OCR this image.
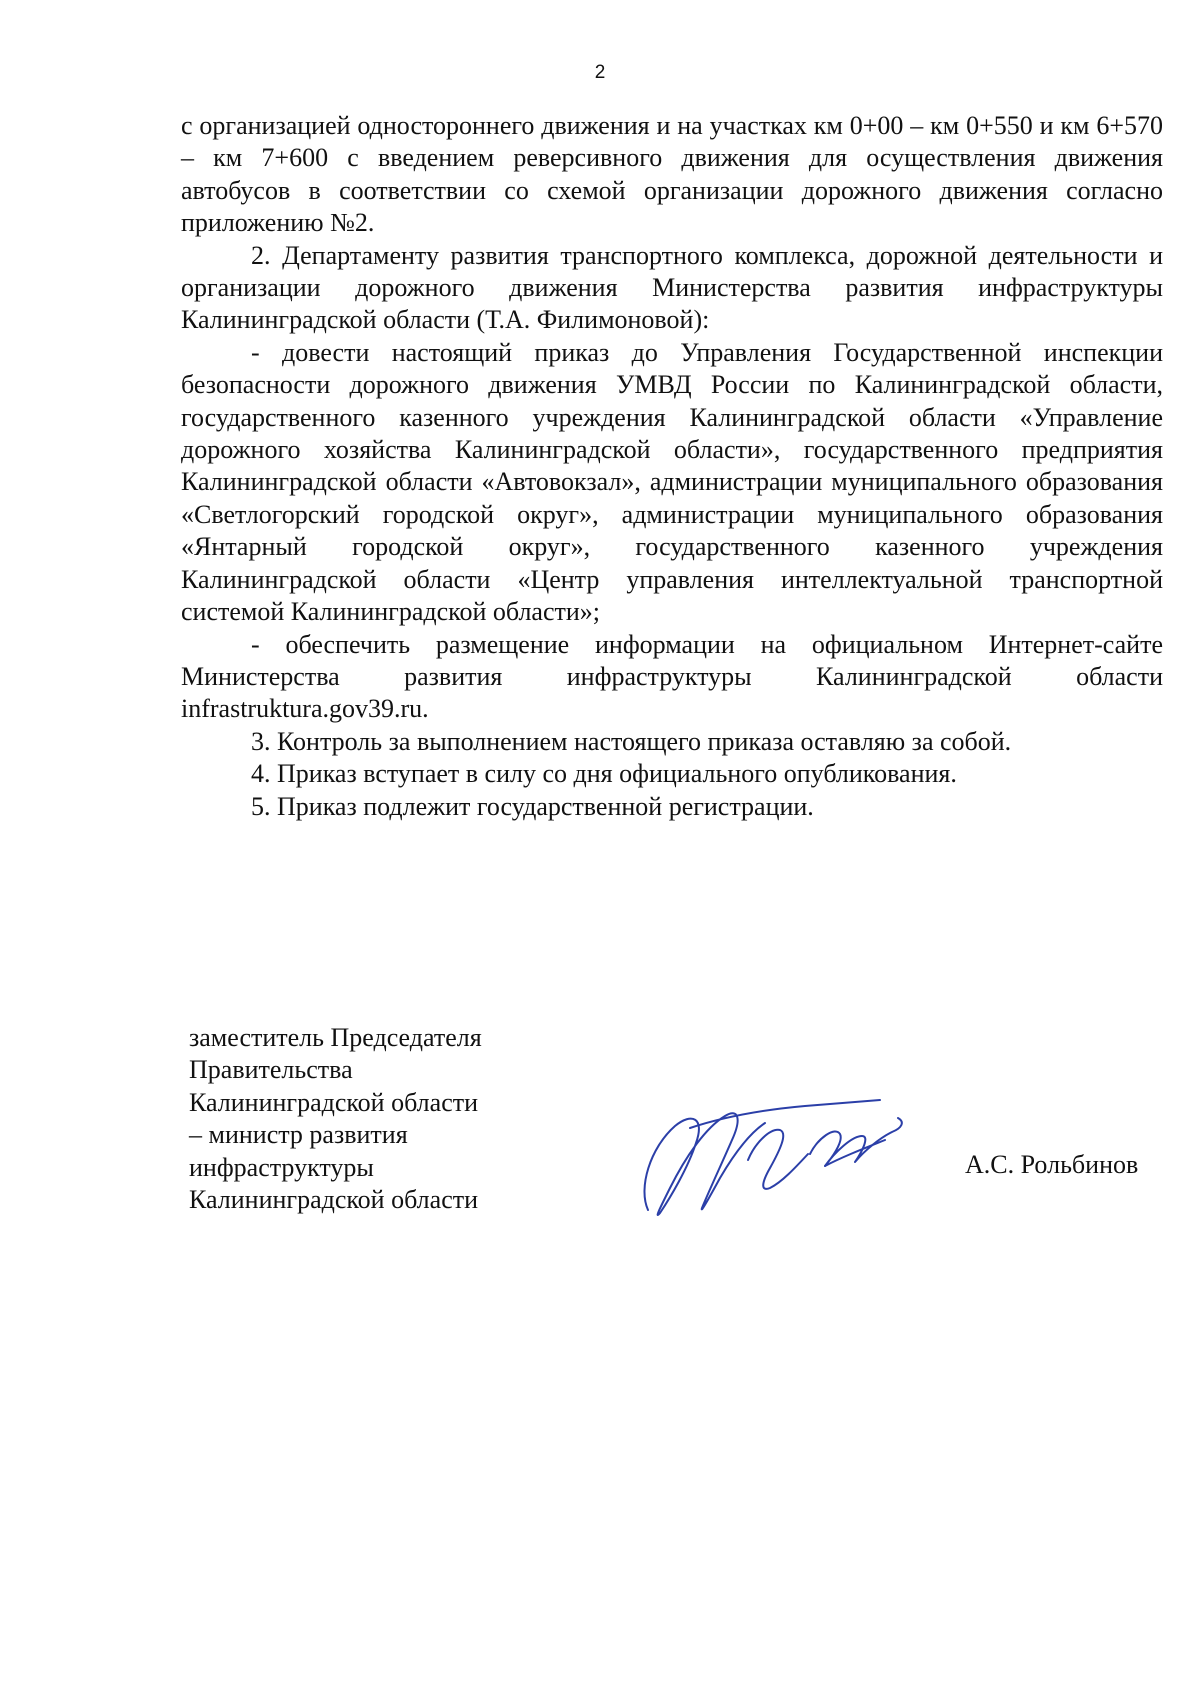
2

с организацией одностороннего движения и на участках км 0+00 – км 0+550 и км 6+570 – км 7+600 с введением реверсивного движения для осуществления движения автобусов в соответствии со схемой организации дорожного движения согласно приложению №2.

2. Департаменту развития транспортного комплекса, дорожной деятельности и организации дорожного движения Министерства развития инфраструктуры Калининградской области (Т.А. Филимоновой):

- довести настоящий приказ до Управления Государственной инспекции безопасности дорожного движения УМВД России по Калининградской области, государственного казенного учреждения Калининградской области «Управление дорожного хозяйства Калининградской области», государственного предприятия Калининградской области «Автовокзал», администрации муниципального образования «Светлогорский городской округ», администрации муниципального образования «Янтарный городской округ», государственного казенного учреждения Калининградской области «Центр управления интеллектуальной транспортной системой Калининградской области»;

- обеспечить размещение информации на официальном Интернет-сайте Министерства развития инфраструктуры Калининградской области infrastruktura.gov39.ru.

3. Контроль за выполнением настоящего приказа оставляю за собой.

4. Приказ вступает в силу со дня официального опубликования.

5. Приказ подлежит государственной регистрации.

заместитель Председателя
Правительства
Калининградской области
– министр развития
инфраструктуры
Калининградской области
А.С. Рольбинов
